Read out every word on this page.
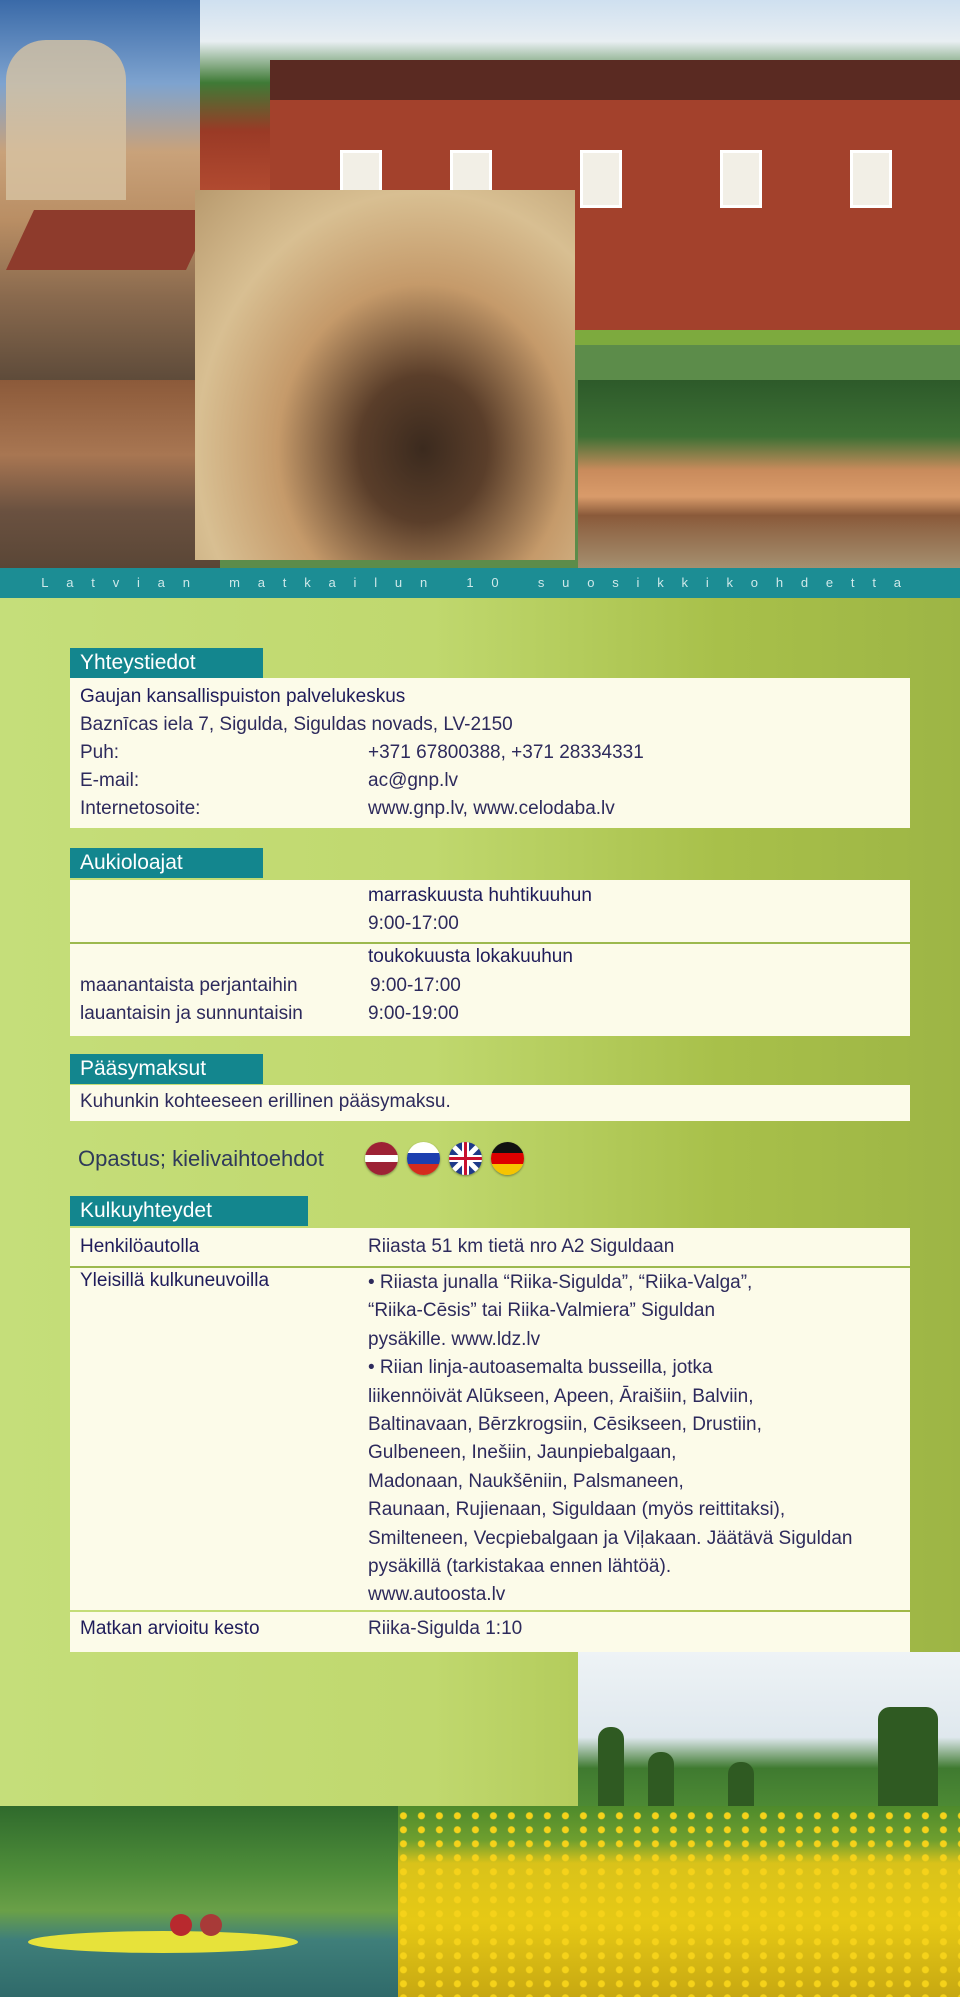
Latvian matkailun 10 suosikkikohdetta
Yhteystiedot
Gaujan kansallispuiston palvelukeskus
Baznīcas iela 7, Sigulda, Siguldas novads, LV-2150
Puh:	+371 67800388, +371 28334331
E-mail:	ac@gnp.lv
Internetosoite:	www.gnp.lv, www.celodaba.lv
Aukioloajat
marraskuusta huhtikuuhun
9:00-17:00
toukokuusta lokakuuhun
maanantaista perjantaihin	9:00-17:00
lauantaisin ja sunnuntaisin	9:00-19:00
Pääsymaksut
Kuhunkin kohteeseen erillinen pääsymaksu.
Opastus; kielivaihtoehdot
Kulkuyhteydet
Henkilöautolla	Riiasta 51 km tietä nro A2 Siguldaan
Yleisillä kulkuneuvoilla	• Riiasta junalla “Riika-Sigulda”, “Riika-Valga”,
“Riika-Cēsis” tai Riika-Valmiera” Siguldan
pysäkille. www.ldz.lv
• Riian linja-autoasemalta busseilla, jotka
liikennöivät Alūkseen, Apeen, Āraišiin, Balviin,
Baltinavaan, Bērzkrogsiin, Cēsikseen, Drustiin,
Gulbeneen, Inešiin, Jaunpiebalgaan,
Madonaan, Naukšēniin, Palsmaneen,
Raunaan, Rujienaan, Siguldaan (myös reittitaksi),
Smilteneen, Vecpiebalgaan ja Viļakaan. Jäätävä Siguldan
pysäkillä (tarkistakaa ennen lähtöä).
www.autoosta.lv
Matkan arvioitu kesto	Riika-Sigulda 1:10
